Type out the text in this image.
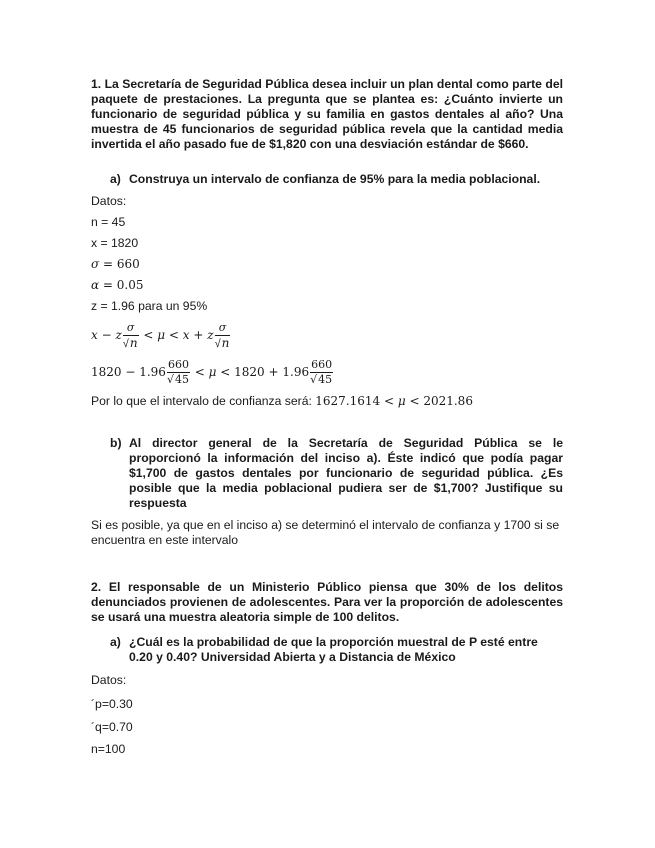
1. La Secretaría de Seguridad Pública desea incluir un plan dental como parte del paquete de prestaciones. La pregunta que se plantea es: ¿Cuánto invierte un funcionario de seguridad pública y su familia en gastos dentales al año? Una muestra de 45 funcionarios de seguridad pública revela que la cantidad media invertida el año pasado fue de $1,820 con una desviación estándar de $660.
a) Construya un intervalo de confianza de 95% para la media poblacional.
Datos:
n = 45
x = 1820
σ = 660
α = 0.05
z = 1.96 para un 95%
x − z $\frac{\sigma}{√n} < \mu < x + z \frac{\sigma}{√n}$
$1820 - 1.96 \frac{660}{√45} < \mu < 1820 + 1.96 \frac{660}{√45}$
Por lo que el intervalo de confianza será: 1627.1614 < μ < 2021.86
b) Al director general de la Secretaría de Seguridad Pública se le proporcionó la información del inciso a). Éste indicó que podía pagar $1,700 de gastos dentales por funcionario de seguridad pública. ¿Es posible que la media poblacional pudiera ser de $1,700? Justifique su respuesta
Si es posible, ya que en el inciso a) se determinó el intervalo de confianza y 1700 si se encuentra en este intervalo
2. El responsable de un Ministerio Público piensa que 30% de los delitos denunciados provienen de adolescentes. Para ver la proporción de adolescentes se usará una muestra aleatoria simple de 100 delitos.
a) ¿Cuál es la probabilidad de que la proporción muestral de P esté entre 0.20 y 0.40? Universidad Abierta y a Distancia de México
Datos:
´p=0.30
´q=0.70
n=100
